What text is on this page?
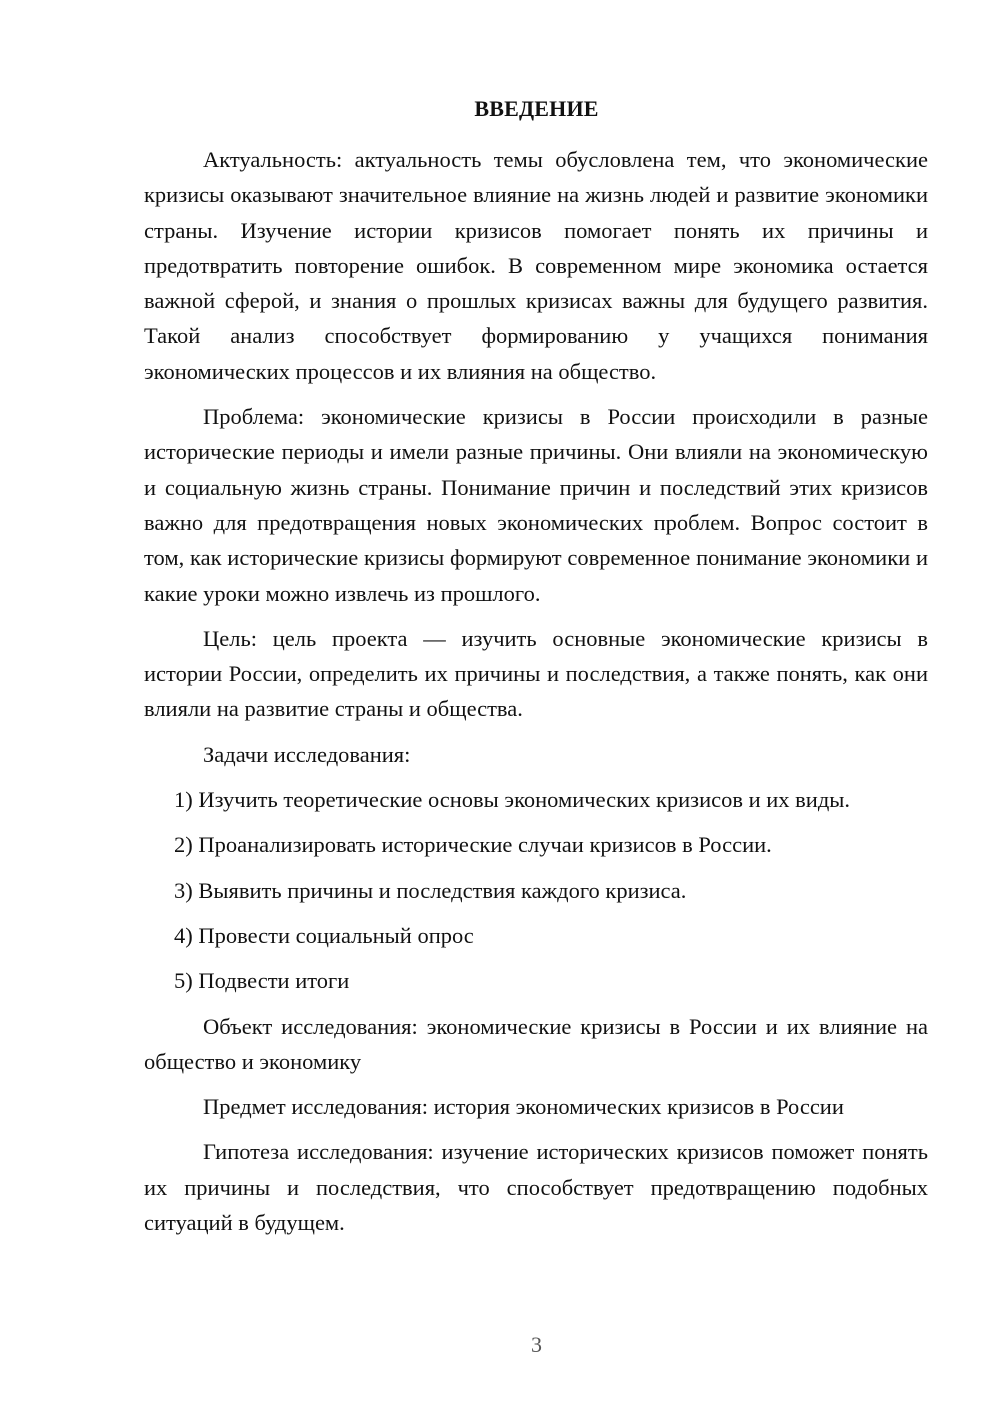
ВВЕДЕНИЕ

Актуальность: актуальность темы обусловлена тем, что экономические кризисы оказывают значительное влияние на жизнь людей и развитие экономики страны. Изучение истории кризисов помогает понять их причины и предотвратить повторение ошибок. В современном мире экономика остается важной сферой, и знания о прошлых кризисах важны для будущего развития. Такой анализ способствует формированию у учащихся понимания экономических процессов и их влияния на общество.

Проблема: экономические кризисы в России происходили в разные исторические периоды и имели разные причины. Они влияли на экономическую и социальную жизнь страны. Понимание причин и последствий этих кризисов важно для предотвращения новых экономических проблем. Вопрос состоит в том, как исторические кризисы формируют современное понимание экономики и какие уроки можно извлечь из прошлого.

Цель: цель проекта — изучить основные экономические кризисы в истории России, определить их причины и последствия, а также понять, как они влияли на развитие страны и общества.

Задачи исследования:

1) Изучить теоретические основы экономических кризисов и их виды.
2) Проанализировать исторические случаи кризисов в России.
3) Выявить причины и последствия каждого кризиса.
4) Провести социальный опрос
5) Подвести итоги

Объект исследования: экономические кризисы в России и их влияние на общество и экономику

Предмет исследования: история экономических кризисов в России

Гипотеза исследования: изучение исторических кризисов поможет понять их причины и последствия, что способствует предотвращению подобных ситуаций в будущем.

3
